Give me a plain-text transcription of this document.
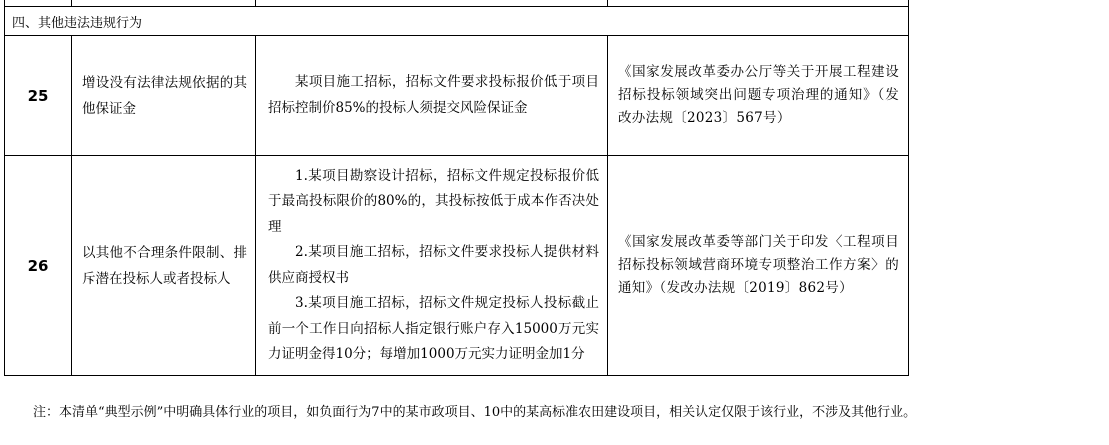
四、其他违法违规行为			
25	增设没有法律法规依据的其他保证金	某项目施工招标，招标文件要求投标报价低于项目招标控制价85%的投标人须提交风险保证金	《国家发展改革委办公厅等关于开展工程建设招标投标领域突出问题专项治理的通知》（发改办法规〔2023〕567号）
26	以其他不合理条件限制、排斥潜在投标人或者投标人	1.某项目勘察设计招标，招标文件规定投标报价低于最高投标限价的80%的，其投标按低于成本作否决处理

2.某项目施工招标，招标文件要求投标人提供材料供应商授权书

3.某项目施工招标，招标文件规定投标人投标截止前一个工作日向招标人指定银行账户存入15000万元实力证明金得10分；每增加1000万元实力证明金加1分	《国家发展改革委等部门关于印发〈工程项目招标投标领域营商环境专项整治工作方案〉的通知》（发改办法规〔2019〕862号）
注：本清单“典型示例”中明确具体行业的项目，如负面行为7中的某市政项目、10中的某高标准农田建设项目，相关认定仅限于该行业，不涉及其他行业。
